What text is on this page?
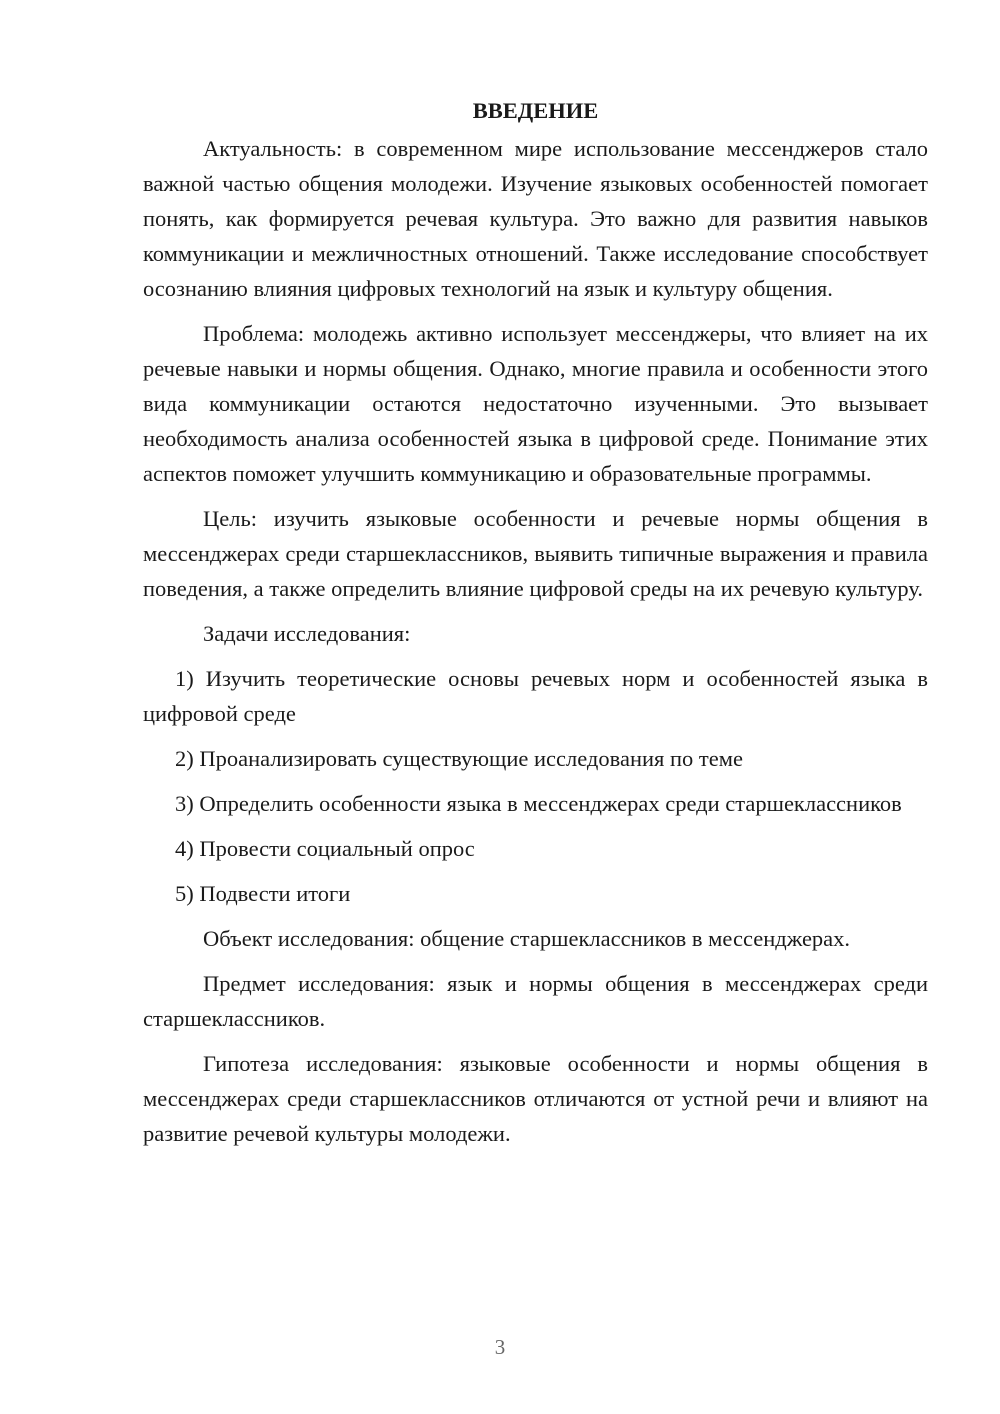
ВВЕДЕНИЕ

Актуальность: в современном мире использование мессенджеров стало важной частью общения молодежи. Изучение языковых особенностей помогает понять, как формируется речевая культура. Это важно для развития навыков коммуникации и межличностных отношений. Также исследование способствует осознанию влияния цифровых технологий на язык и культуру общения.

Проблема: молодежь активно использует мессенджеры, что влияет на их речевые навыки и нормы общения. Однако, многие правила и особенности этого вида коммуникации остаются недостаточно изученными. Это вызывает необходимость анализа особенностей языка в цифровой среде. Понимание этих аспектов поможет улучшить коммуникацию и образовательные программы.

Цель: изучить языковые особенности и речевые нормы общения в мессенджерах среди старшеклассников, выявить типичные выражения и правила поведения, а также определить влияние цифровой среды на их речевую культуру.

Задачи исследования:

1) Изучить теоретические основы речевых норм и особенностей языка в цифровой среде

2) Проанализировать существующие исследования по теме

3) Определить особенности языка в мессенджерах среди старшеклассников

4) Провести социальный опрос

5) Подвести итоги

Объект исследования: общение старшеклассников в мессенджерах.

Предмет исследования: язык и нормы общения в мессенджерах среди старшеклассников.

Гипотеза исследования: языковые особенности и нормы общения в мессенджерах среди старшеклассников отличаются от устной речи и влияют на развитие речевой культуры молодежи.

3
